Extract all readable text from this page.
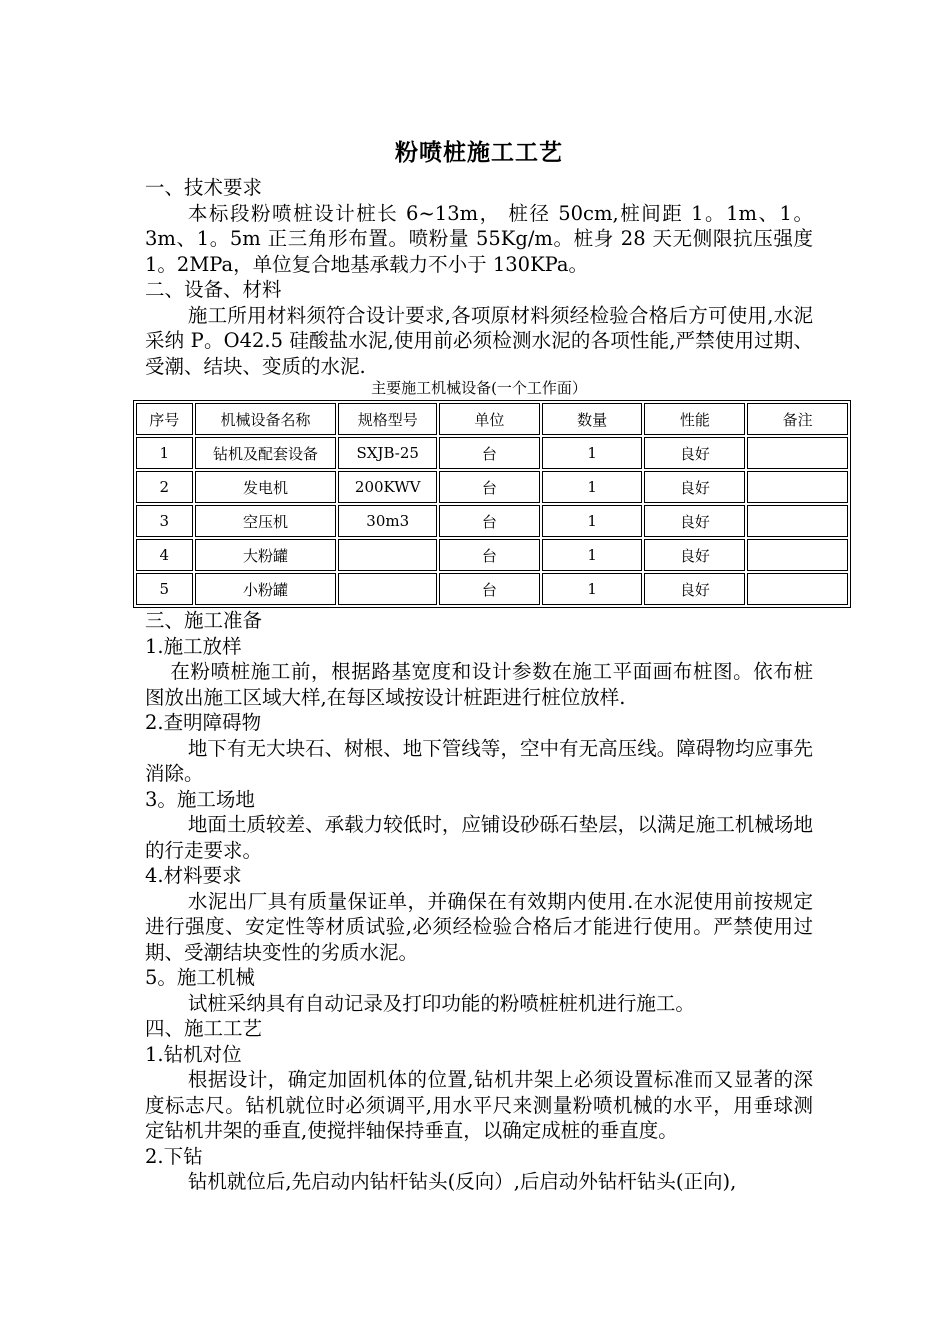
粉喷桩施工工艺
一、技术要求
本标段粉喷桩设计桩长 6~13m， 桩径 50cm,桩间距 1。1m、1。3m、1。5m 正三角形布置。喷粉量 55Kg/m。桩身 28 天无侧限抗压强度 1。2MPa，单位复合地基承载力不小于 130KPa。
二、设备、材料
施工所用材料须符合设计要求,各项原材料须经检验合格后方可使用,水泥采纳 P。O42.5 硅酸盐水泥,使用前必须检测水泥的各项性能,严禁使用过期、受潮、结块、变质的水泥.
主要施工机械设备(一个工作面）
序号	机械设备名称	规格型号	单位	数量	性能	备注
1	钻机及配套设备	SXJB-25	台	1	良好	
2	发电机	200KWV	台	1	良好	
3	空压机	30m3	台	1	良好	
4	大粉罐		台	1	良好	
5	小粉罐		台	1	良好	
三、施工准备
1.施工放样
在粉喷桩施工前，根据路基宽度和设计参数在施工平面画布桩图。依布桩图放出施工区域大样,在每区域按设计桩距进行桩位放样.
2.查明障碍物
地下有无大块石、树根、地下管线等，空中有无高压线。障碍物均应事先消除。
3。施工场地
地面土质较差、承载力较低时，应铺设砂砾石垫层，以满足施工机械场地的行走要求。
4.材料要求
水泥出厂具有质量保证单，并确保在有效期内使用.在水泥使用前按规定进行强度、安定性等材质试验,必须经检验合格后才能进行使用。严禁使用过期、受潮结块变性的劣质水泥。
5。施工机械
试桩采纳具有自动记录及打印功能的粉喷桩桩机进行施工。
四、施工工艺
1.钻机对位
根据设计，确定加固机体的位置,钻机井架上必须设置标准而又显著的深度标志尺。钻机就位时必须调平,用水平尺来测量粉喷机械的水平，用垂球测定钻机井架的垂直,使搅拌轴保持垂直，以确定成桩的垂直度。
2.下钻
钻机就位后,先启动内钻杆钻头(反向）,后启动外钻杆钻头(正向),
